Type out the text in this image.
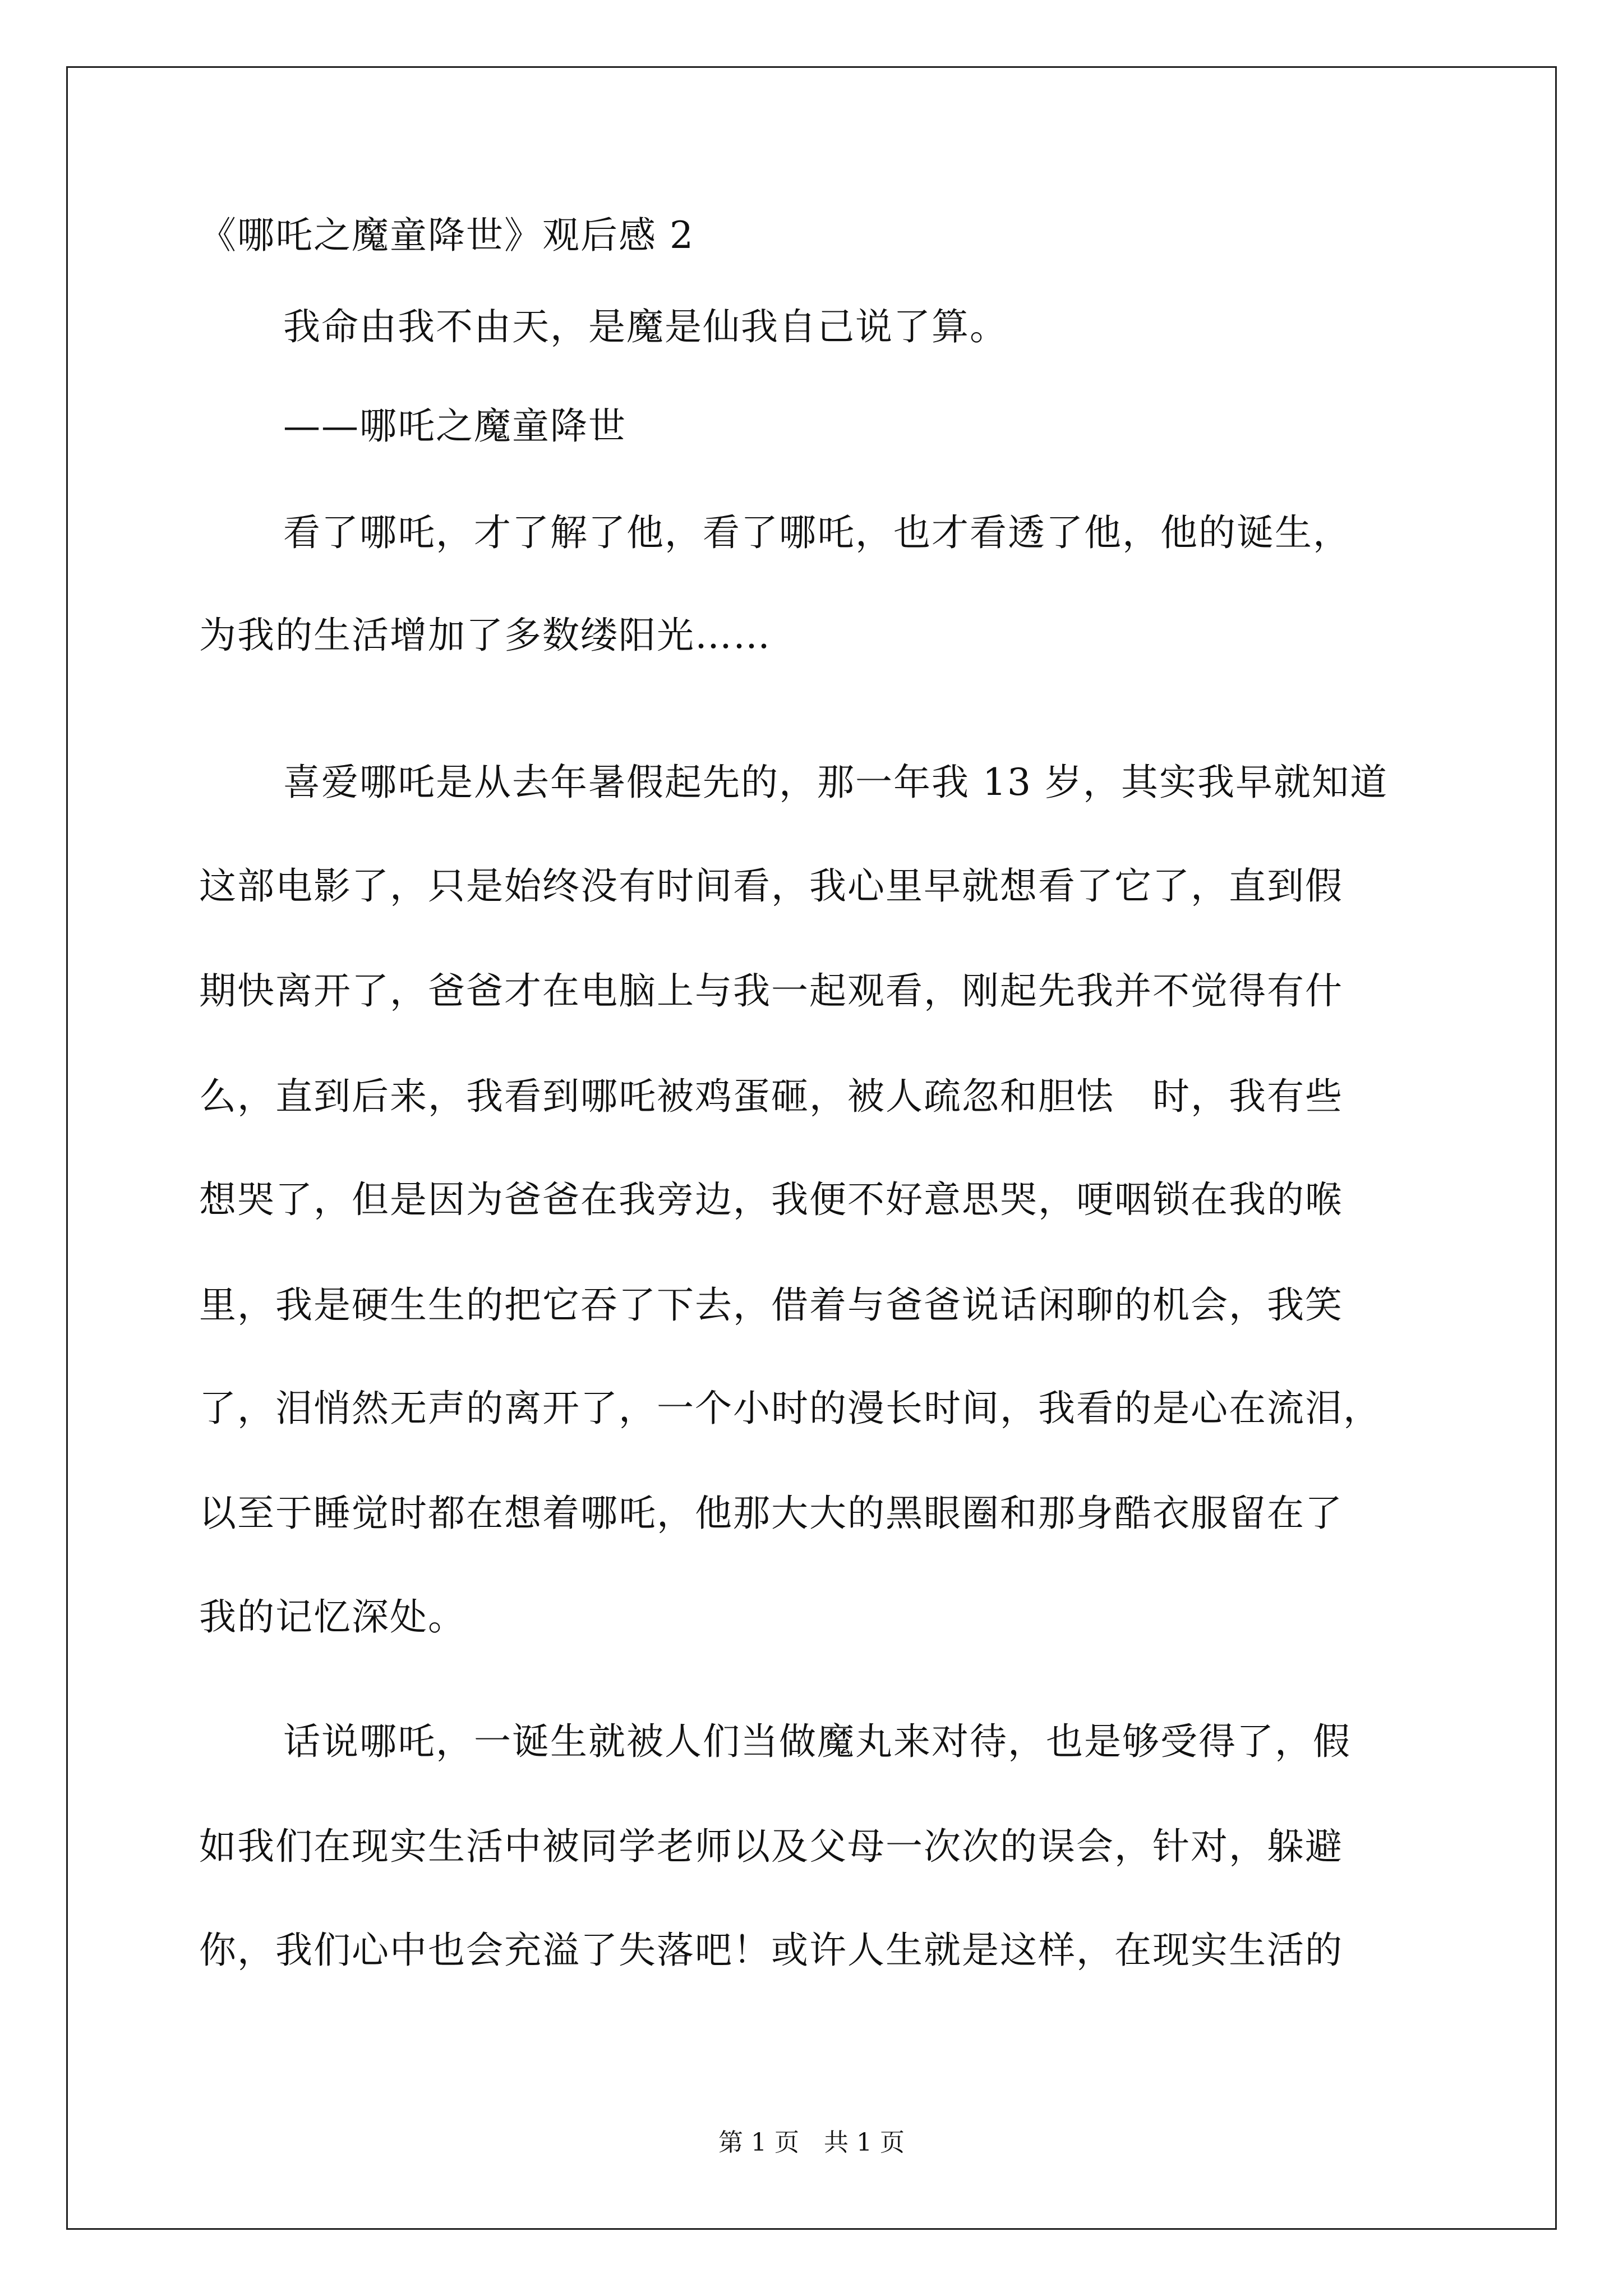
《哪吒之魔童降世》观后感 2
我命由我不由天，是魔是仙我自己说了算。
——哪吒之魔童降世
看了哪吒，才了解了他，看了哪吒，也才看透了他，他的诞生，
为我的生活增加了多数缕阳光……
喜爱哪吒是从去年暑假起先的，那一年我 13 岁，其实我早就知道
这部电影了，只是始终没有时间看，我心里早就想看了它了，直到假
期快离开了，爸爸才在电脑上与我一起观看，刚起先我并不觉得有什
么，直到后来，我看到哪吒被鸡蛋砸，被人疏忽和胆怯　时，我有些
想哭了，但是因为爸爸在我旁边，我便不好意思哭，哽咽锁在我的喉
里，我是硬生生的把它吞了下去，借着与爸爸说话闲聊的机会，我笑
了，泪悄然无声的离开了，一个小时的漫长时间，我看的是心在流泪，
以至于睡觉时都在想着哪吒，他那大大的黑眼圈和那身酷衣服留在了
我的记忆深处。
话说哪吒，一诞生就被人们当做魔丸来对待，也是够受得了，假
如我们在现实生活中被同学老师以及父母一次次的误会，针对，躲避
你，我们心中也会充溢了失落吧！或许人生就是这样，在现实生活的
第 1 页　共 1 页
